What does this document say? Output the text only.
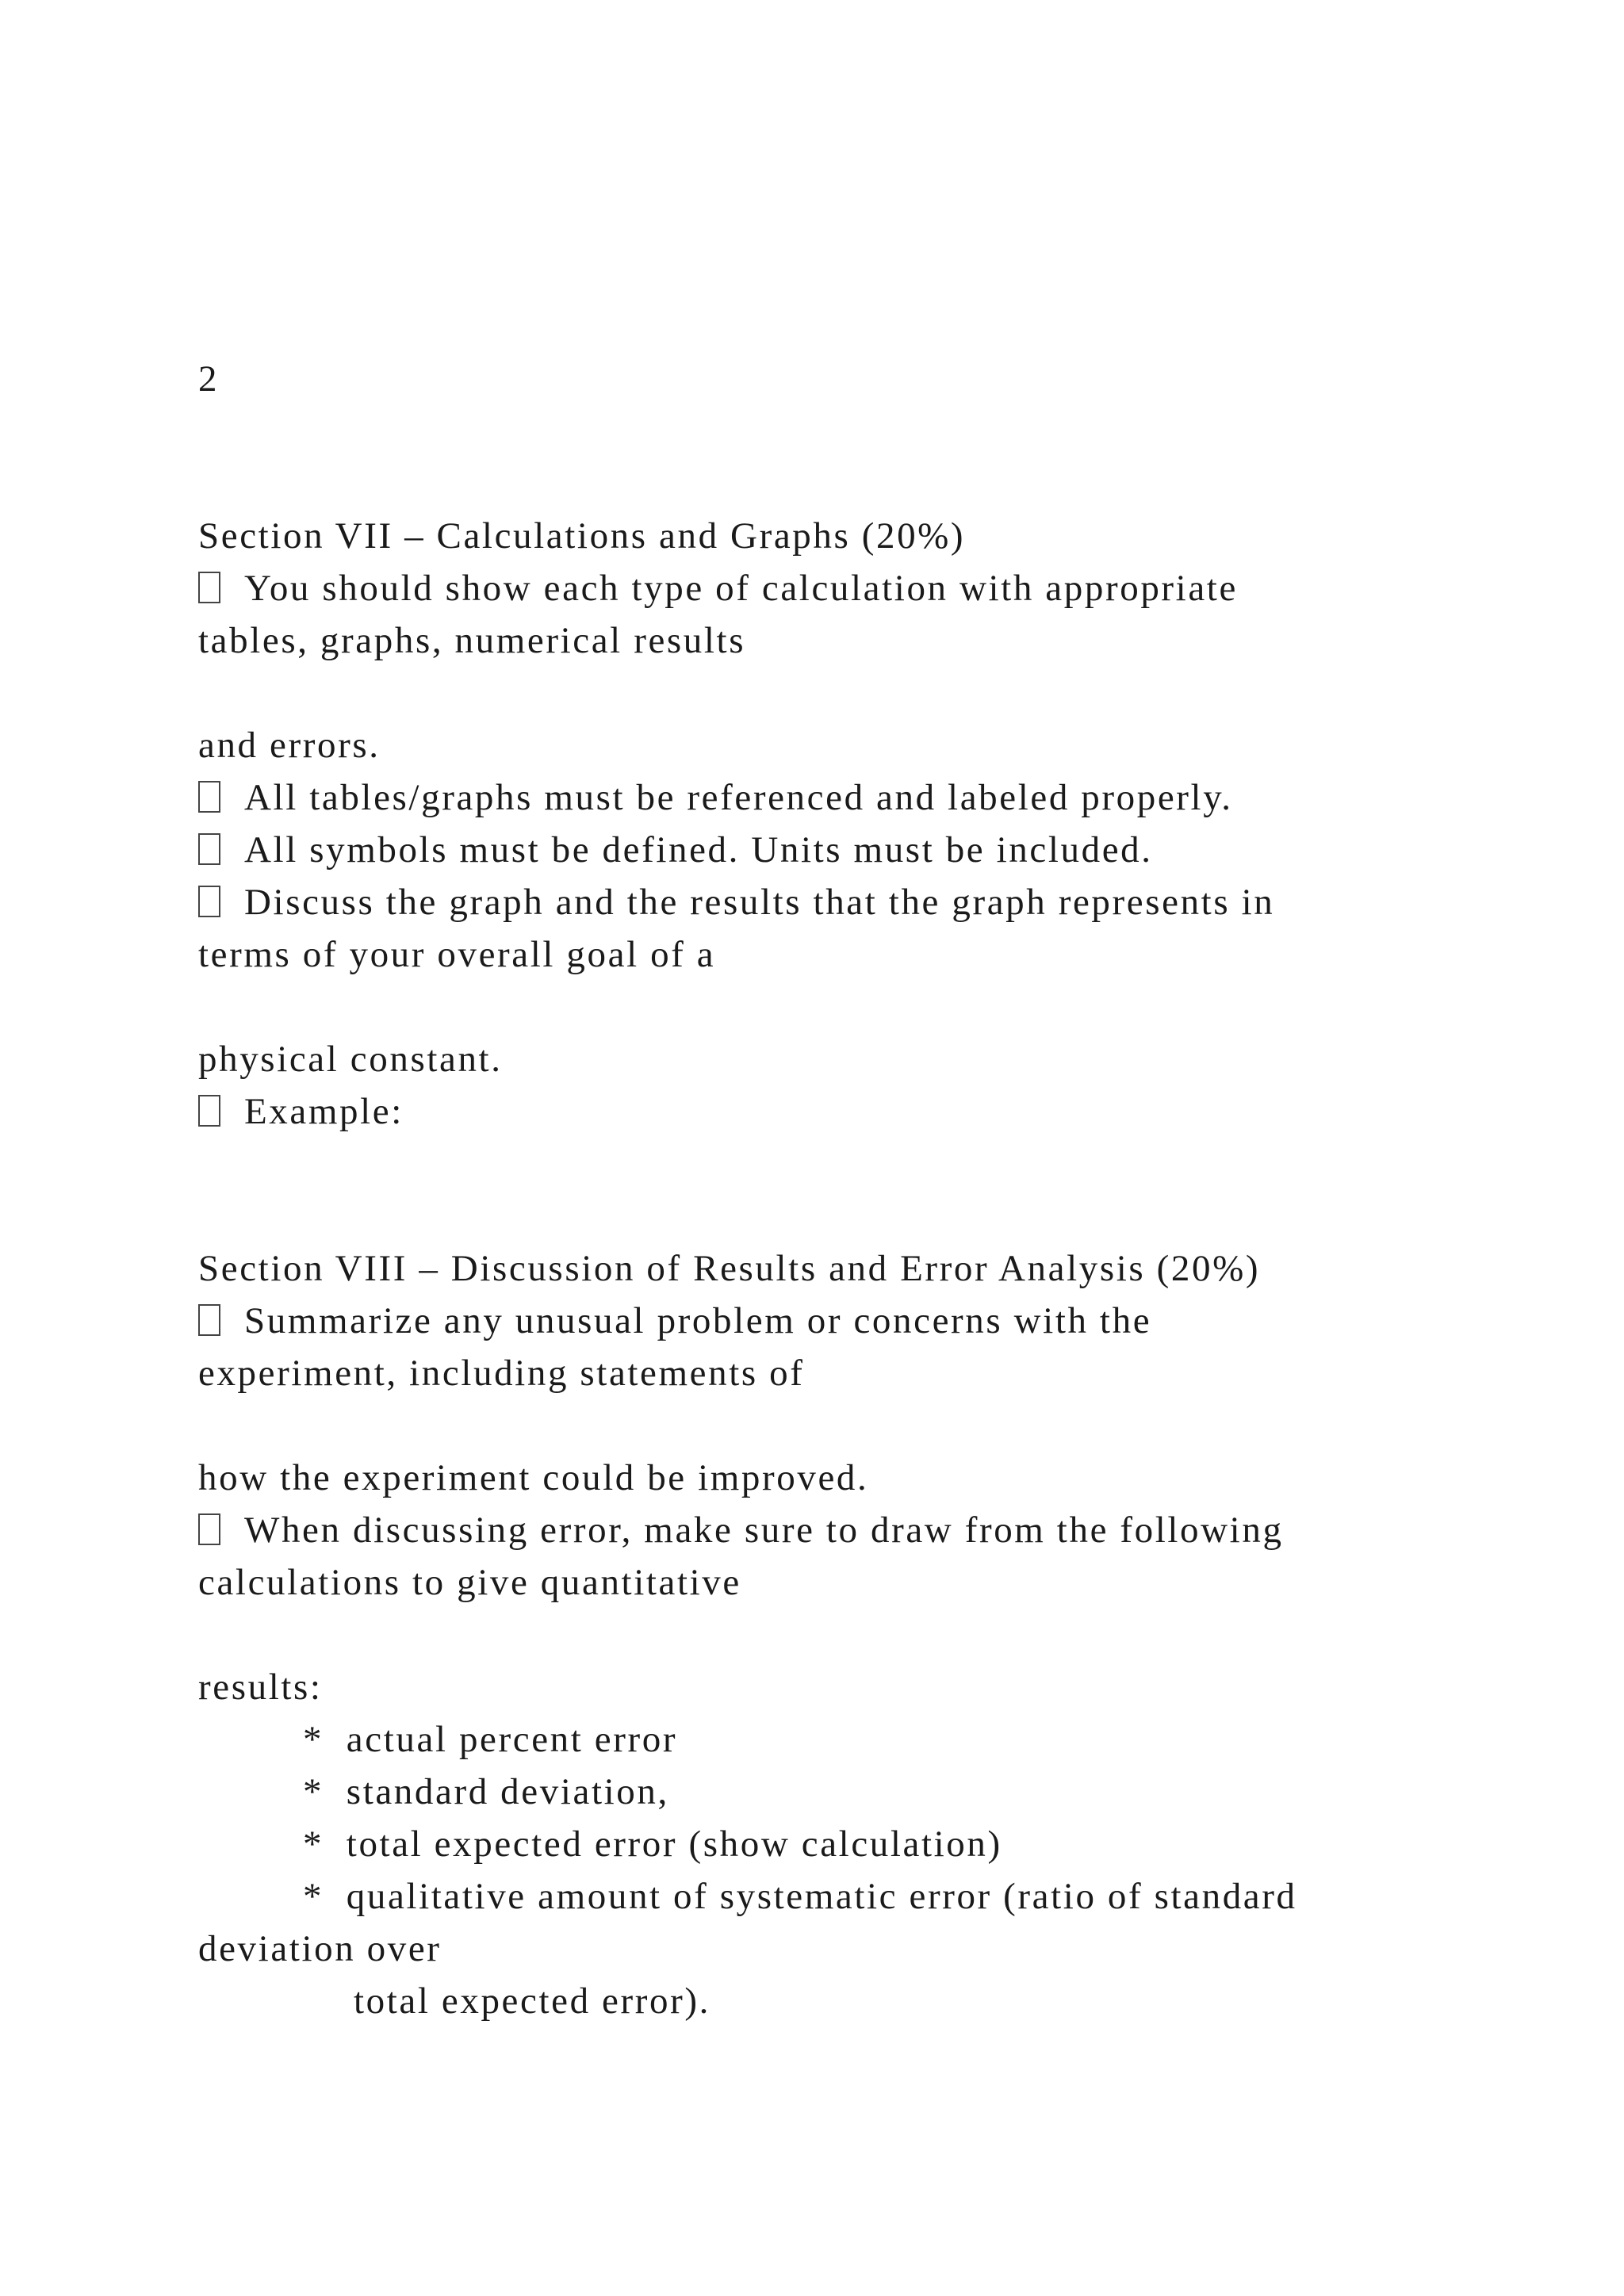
2
Section VII – Calculations and Graphs (20%)
You should show each type of calculation with appropriate
tables, graphs, numerical results
and errors.
All tables/graphs must be referenced and labeled properly.
All symbols must be defined. Units must be included.
Discuss the graph and the results that the graph represents in
terms of your overall goal of a
physical constant.
Example:
Section VIII – Discussion of Results and Error Analysis (20%)
Summarize any unusual problem or concerns with the
experiment, including statements of
how the experiment could be improved.
When discussing error, make sure to draw from the following
calculations to give quantitative
results:
*  actual percent error
*  standard deviation,
*  total expected error (show calculation)
*  qualitative amount of systematic error (ratio of standard
deviation over
total expected error).
